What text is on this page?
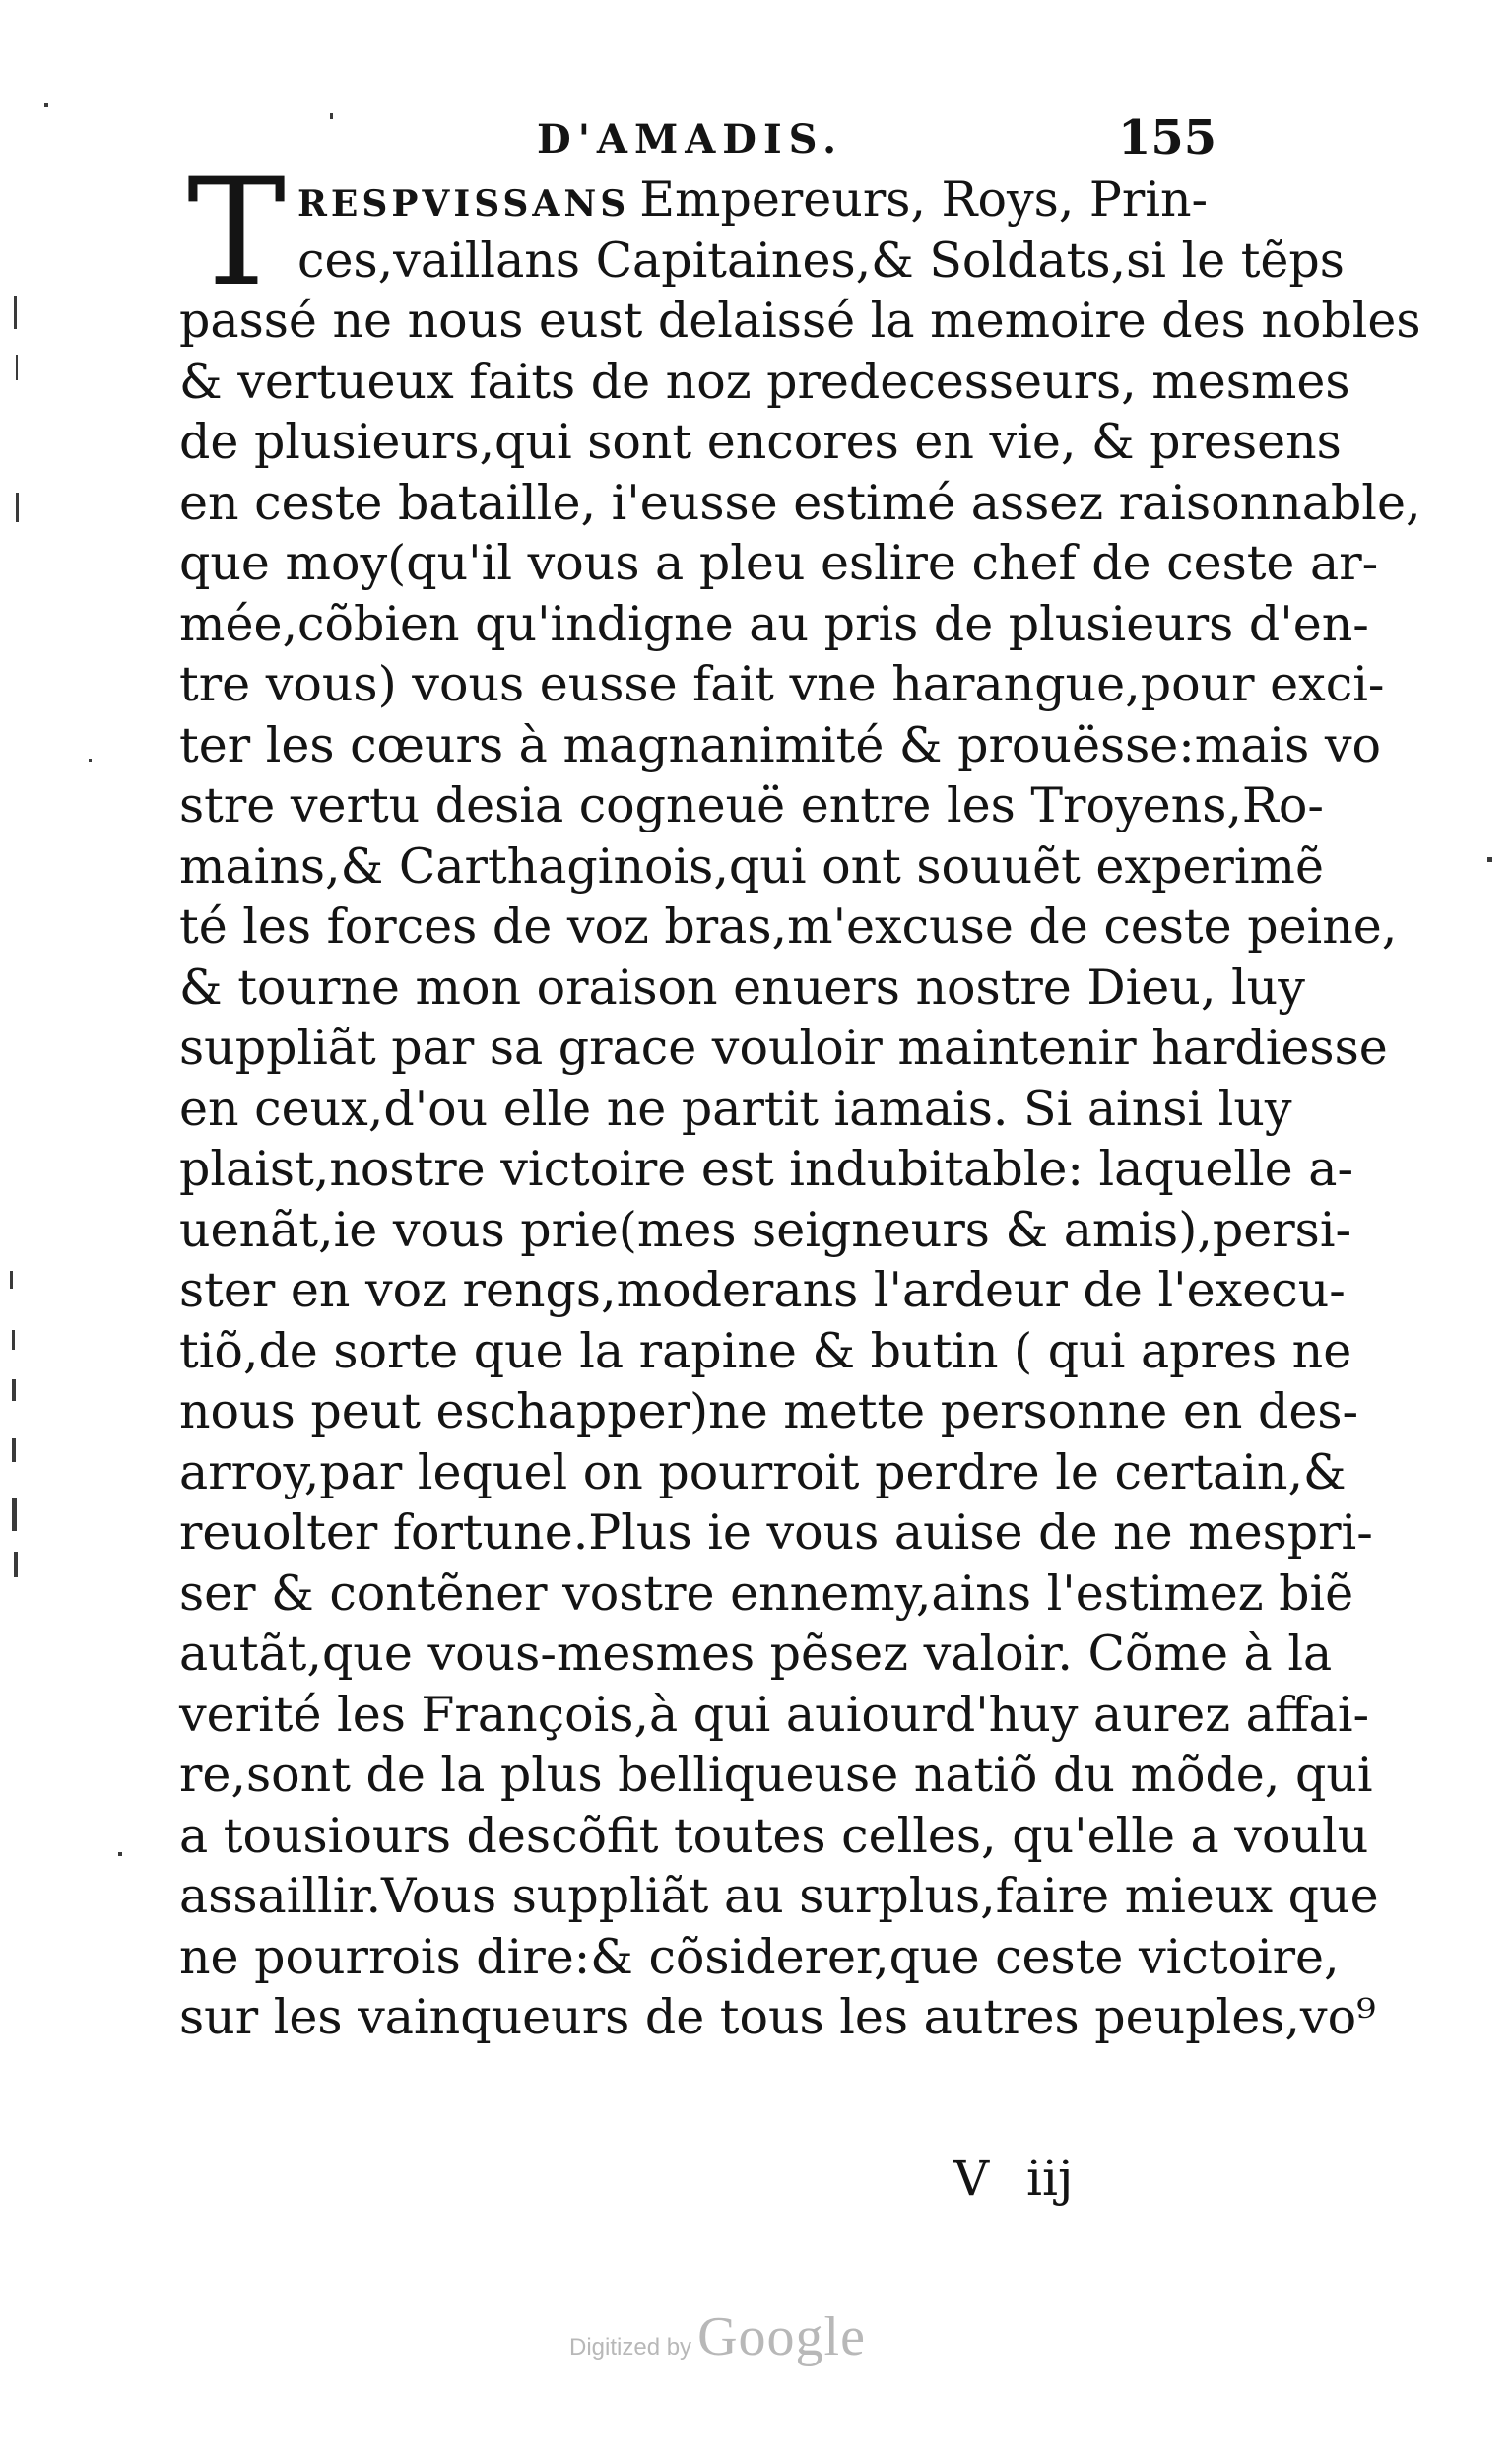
D'AMADIS.	155
T RESPVISSANS Empereurs, Roys, Prin-
ces,vaillans Capitaines,& Soldats,si le tẽps
passé ne nous eust delaissé la memoire des nobles
& vertueux faits de noz predecesseurs, mesmes
de plusieurs,qui sont encores en vie, & presens
en ceste bataille, i'eusse estimé assez raisonnable,
que moy(qu'il vous a pleu eslire chef de ceste ar-
mée,cõbien qu'indigne au pris de plusieurs d'en-
tre vous) vous eusse fait vne harangue,pour exci-
ter les cœurs à magnanimité & prouësse:mais vo
stre vertu desia cogneuë entre les Troyens,Ro-
mains,& Carthaginois,qui ont souuẽt experimẽ
té les forces de voz bras,m'excuse de ceste peine,
& tourne mon oraison enuers nostre Dieu, luy
suppliãt par sa grace vouloir maintenir hardiesse
en ceux,d'ou elle ne partit iamais. Si ainsi luy
plaist,nostre victoire est indubitable: laquelle a-
uenãt,ie vous prie(mes seigneurs & amis),persi-
ster en voz rengs,moderans l'ardeur de l'execu-
tiõ,de sorte que la rapine & butin ( qui apres ne
nous peut eschapper)ne mette personne en des-
arroy,par lequel on pourroit perdre le certain,&
reuolter fortune.Plus ie vous auise de ne mespri-
ser & contẽner vostre ennemy,ains l'estimez biẽ
autãt,que vous-mesmes pẽsez valoir. Cõme à la
verité les François,à qui auiourd'huy aurez affai-
re,sont de la plus belliqueuse natiõ du mõde, qui
a tousiours descõfit toutes celles, qu'elle a voulu
assaillir.Vous suppliãt au surplus,faire mieux que
ne pourrois dire:& cõsiderer,que ceste victoire,
sur les vainqueurs de tous les autres peuples,vo⁹
V iij
Digitized by Google
